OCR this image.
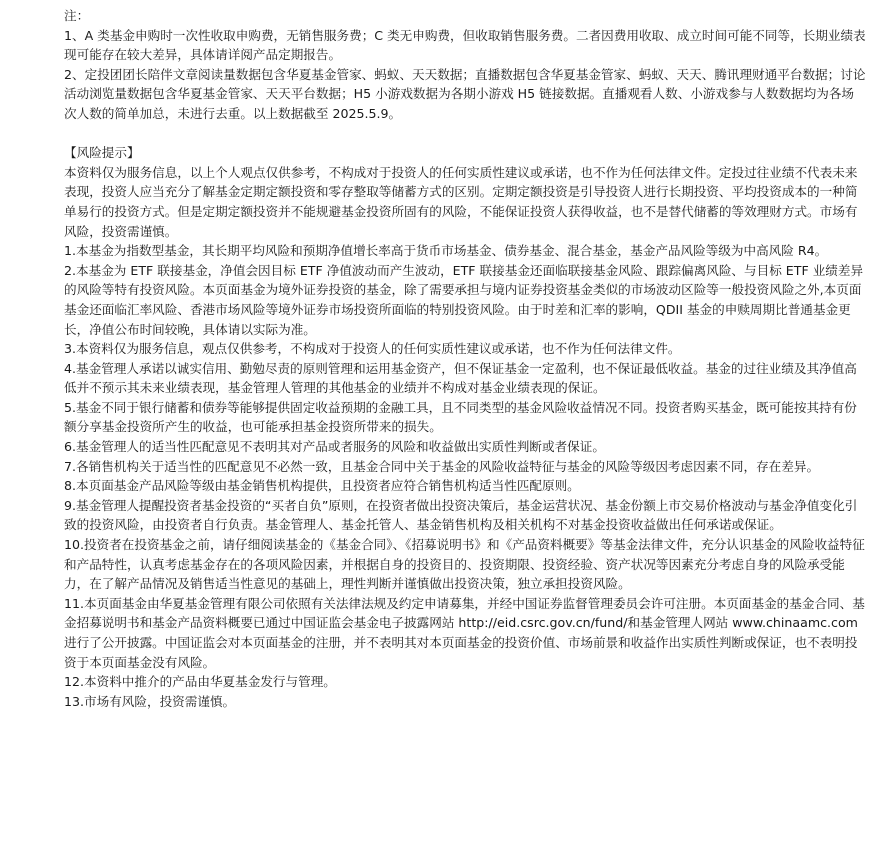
注：

1、A 类基金申购时一次性收取申购费，无销售服务费；C 类无申购费，但收取销售服务费。二者因费用收取、成立时间可能不同等，长期业绩表现可能存在较大差异，具体请详阅产品定期报告。

2、定投团团长陪伴文章阅读量数据包含华夏基金管家、蚂蚁、天天数据；直播数据包含华夏基金管家、蚂蚁、天天、腾讯理财通平台数据；讨论活动浏览量数据包含华夏基金管家、天天平台数据；H5 小游戏数据为各期小游戏 H5 链接数据。直播观看人数、小游戏参与人数数据均为各场次人数的简单加总，未进行去重。以上数据截至 2025.5.9。

【风险提示】

本资料仅为服务信息，以上个人观点仅供参考，不构成对于投资人的任何实质性建议或承诺，也不作为任何法律文件。定投过往业绩不代表未来表现，投资人应当充分了解基金定期定额投资和零存整取等储蓄方式的区别。定期定额投资是引导投资人进行长期投资、平均投资成本的一种简单易行的投资方式。但是定期定额投资并不能规避基金投资所固有的风险，不能保证投资人获得收益，也不是替代储蓄的等效理财方式。市场有风险，投资需谨慎。

1.本基金为指数型基金，其长期平均风险和预期净值增长率高于货币市场基金、债券基金、混合基金，基金产品风险等级为中高风险 R4。

2.本基金为 ETF 联接基金，净值会因目标 ETF 净值波动而产生波动，ETF 联接基金还面临联接基金风险、跟踪偏离风险、与目标 ETF 业绩差异的风险等特有投资风险。本页面基金为境外证券投资的基金，除了需要承担与境内证券投资基金类似的市场波动区险等一般投资风险之外,本页面基金还面临汇率风险、香港市场风险等境外证券市场投资所面临的特别投资风险。由于时差和汇率的影响，QDII 基金的申赎周期比普通基金更长，净值公布时间较晚，具体请以实际为准。

3.本资料仅为服务信息，观点仅供参考，不构成对于投资人的任何实质性建议或承诺，也不作为任何法律文件。

4.基金管理人承诺以诚实信用、勤勉尽责的原则管理和运用基金资产，但不保证基金一定盈利，也不保证最低收益。基金的过往业绩及其净值高低并不预示其未来业绩表现，基金管理人管理的其他基金的业绩并不构成对基金业绩表现的保证。

5.基金不同于银行储蓄和债券等能够提供固定收益预期的金融工具，且不同类型的基金风险收益情况不同。投资者购买基金，既可能按其持有份额分享基金投资所产生的收益，也可能承担基金投资所带来的损失。

6.基金管理人的适当性匹配意见不表明其对产品或者服务的风险和收益做出实质性判断或者保证。

7.各销售机构关于适当性的匹配意见不必然一致，且基金合同中关于基金的风险收益特征与基金的风险等级因考虑因素不同，存在差异。

8.本页面基金产品风险等级由基金销售机构提供，且投资者应符合销售机构适当性匹配原则。

9.基金管理人提醒投资者基金投资的“买者自负”原则，在投资者做出投资决策后，基金运营状况、基金份额上市交易价格波动与基金净值变化引致的投资风险，由投资者自行负责。基金管理人、基金托管人、基金销售机构及相关机构不对基金投资收益做出任何承诺或保证。

10.投资者在投资基金之前，请仔细阅读基金的《基金合同》、《招募说明书》和《产品资料概要》等基金法律文件，充分认识基金的风险收益特征和产品特性，认真考虑基金存在的各项风险因素，并根据自身的投资目的、投资期限、投资经验、资产状况等因素充分考虑自身的风险承受能力，在了解产品情况及销售适当性意见的基础上，理性判断并谨慎做出投资决策，独立承担投资风险。

11.本页面基金由华夏基金管理有限公司依照有关法律法规及约定申请募集，并经中国证券监督管理委员会许可注册。本页面基金的基金合同、基金招募说明书和基金产品资料概要已通过中国证监会基金电子披露网站 http://eid.csrc.gov.cn/fund/和基金管理人网站 www.chinaamc.com 进行了公开披露。中国证监会对本页面基金的注册，并不表明其对本页面基金的投资价值、市场前景和收益作出实质性判断或保证，也不表明投资于本页面基金没有风险。

12.本资料中推介的产品由华夏基金发行与管理。

13.市场有风险，投资需谨慎。
